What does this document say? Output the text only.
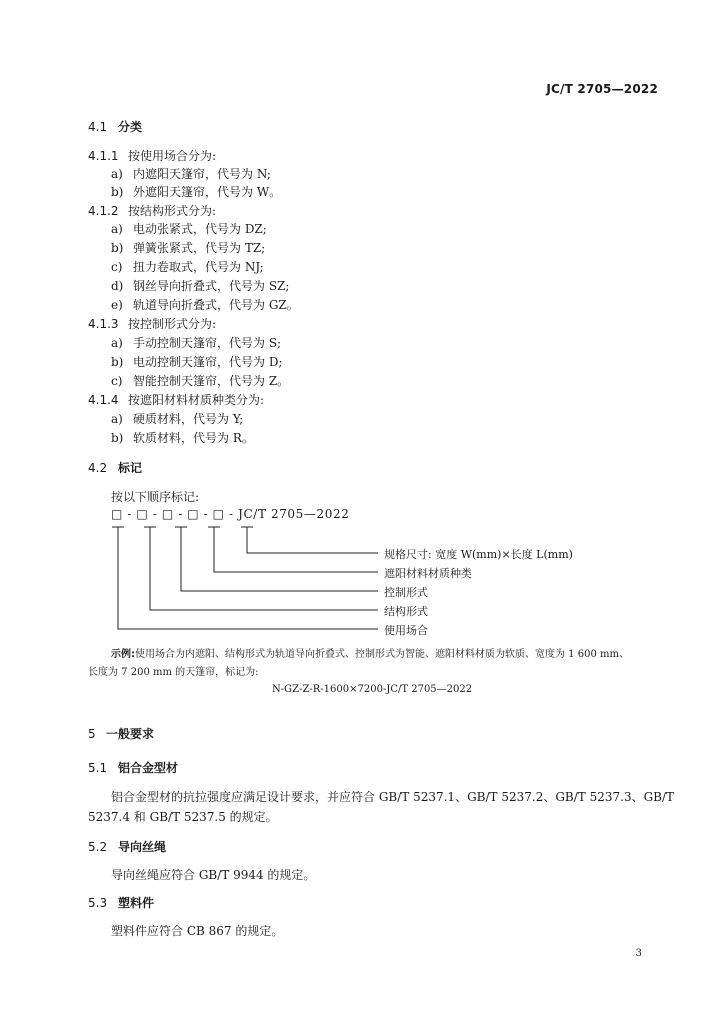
JC/T 2705—2022
4.1 分类
4.1.1 按使用场合分为:
a) 内遮阳天篷帘，代号为 N;
b) 外遮阳天篷帘，代号为 W。
4.1.2 按结构形式分为:
a) 电动张紧式，代号为 DZ;
b) 弹簧张紧式，代号为 TZ;
c) 扭力卷取式，代号为 NJ;
d) 钢丝导向折叠式，代号为 SZ;
e) 轨道导向折叠式，代号为 GZ。
4.1.3 按控制形式分为:
a) 手动控制天篷帘，代号为 S;
b) 电动控制天篷帘，代号为 D;
c) 智能控制天篷帘，代号为 Z。
4.1.4 按遮阳材料材质种类分为:
a) 硬质材料，代号为 Y;
b) 软质材料，代号为 R。
4.2 标记
按以下顺序标记:
□ - □ - □ - □ - □ - JC/T 2705—2022
规格尺寸: 宽度 W(mm)×长度 L(mm)
遮阳材料材质种类
控制形式
结构形式
使用场合
示例:使用场合为内遮阳、结构形式为轨道导向折叠式、控制形式为智能、遮阳材料材质为软质、宽度为 1 600 mm、
长度为 7 200 mm 的天篷帘，标记为:
N-GZ-Z-R-1600×7200-JC/T 2705—2022
5 一般要求
5.1 铝合金型材
铝合金型材的抗拉强度应满足设计要求，并应符合 GB/T 5237.1、GB/T 5237.2、GB/T 5237.3、GB/T
5237.4 和 GB/T 5237.5 的规定。
5.2 导向丝绳
导向丝绳应符合 GB/T 9944 的规定。
5.3 塑料件
塑料件应符合 CB 867 的规定。
3
